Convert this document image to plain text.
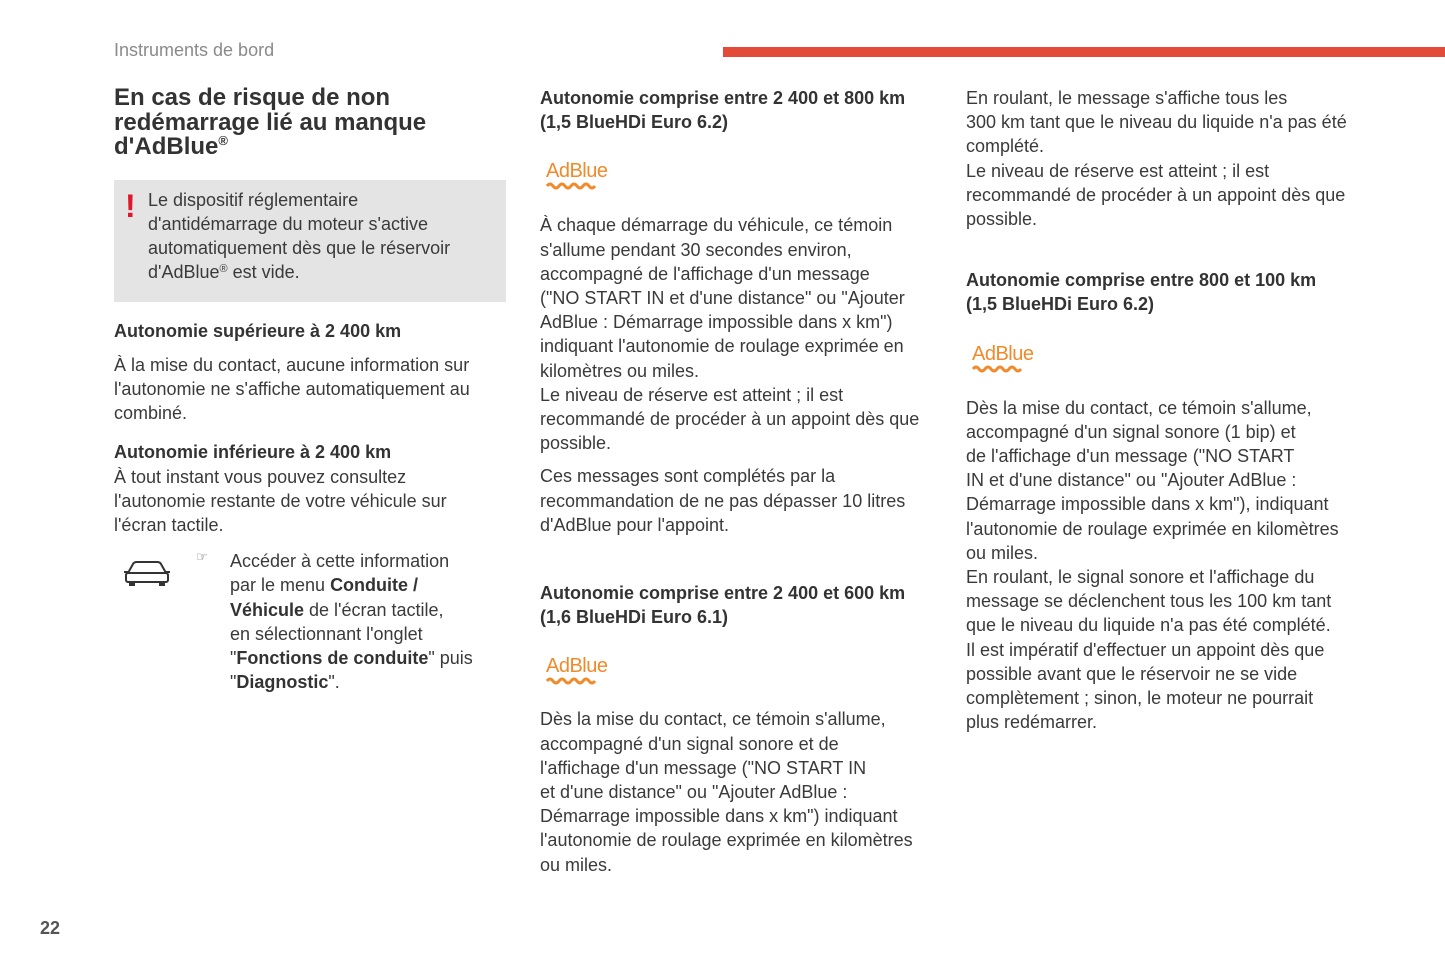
Instruments de bord
En cas de risque de non
redémarrage lié au manque
d'AdBlue®
! Le dispositif réglementaire

d'antidémarrage du moteur s'active

automatiquement dès que le réservoir

d'AdBlue® est vide.

Autonomie supérieure à 2 400 km

À la mise du contact, aucune information sur

l'autonomie ne s'affiche automatiquement au

combiné.

Autonomie inférieure à 2 400 km

À tout instant vous pouvez consultez

l'autonomie restante de votre véhicule sur

l'écran tactile.

☞ Accéder à cette information

par le menu Conduite /

Véhicule de l'écran tactile,

en sélectionnant l'onglet

"Fonctions de conduite" puis

"Diagnostic".

Autonomie comprise entre 2 400 et 800 km

(1,5 BlueHDi Euro 6.2)

AdBlue

À chaque démarrage du véhicule, ce témoin

s'allume pendant 30 secondes environ,

accompagné de l'affichage d'un message

("NO START IN et d'une distance" ou "Ajouter

AdBlue : Démarrage impossible dans x km")

indiquant l'autonomie de roulage exprimée en

kilomètres ou miles.

Le niveau de réserve est atteint ; il est

recommandé de procéder à un appoint dès que

possible.

Ces messages sont complétés par la

recommandation de ne pas dépasser 10 litres

d'AdBlue pour l'appoint.

Autonomie comprise entre 2 400 et 600 km

(1,6 BlueHDi Euro 6.1)

AdBlue

Dès la mise du contact, ce témoin s'allume,

accompagné d'un signal sonore et de

l'affichage d'un message ("NO START IN

et d'une distance" ou "Ajouter AdBlue :

Démarrage impossible dans x km") indiquant

l'autonomie de roulage exprimée en kilomètres

ou miles.

En roulant, le message s'affiche tous les

300 km tant que le niveau du liquide n'a pas été

complété.

Le niveau de réserve est atteint ; il est

recommandé de procéder à un appoint dès que

possible.

Autonomie comprise entre 800 et 100 km

(1,5 BlueHDi Euro 6.2)

AdBlue

Dès la mise du contact, ce témoin s'allume,

accompagné d'un signal sonore (1 bip) et

de l'affichage d'un message ("NO START

IN et d'une distance" ou "Ajouter AdBlue :

Démarrage impossible dans x km"), indiquant

l'autonomie de roulage exprimée en kilomètres

ou miles.

En roulant, le signal sonore et l'affichage du

message se déclenchent tous les 100 km tant

que le niveau du liquide n'a pas été complété.

Il est impératif d'effectuer un appoint dès que

possible avant que le réservoir ne se vide

complètement ; sinon, le moteur ne pourrait

plus redémarrer.

22
